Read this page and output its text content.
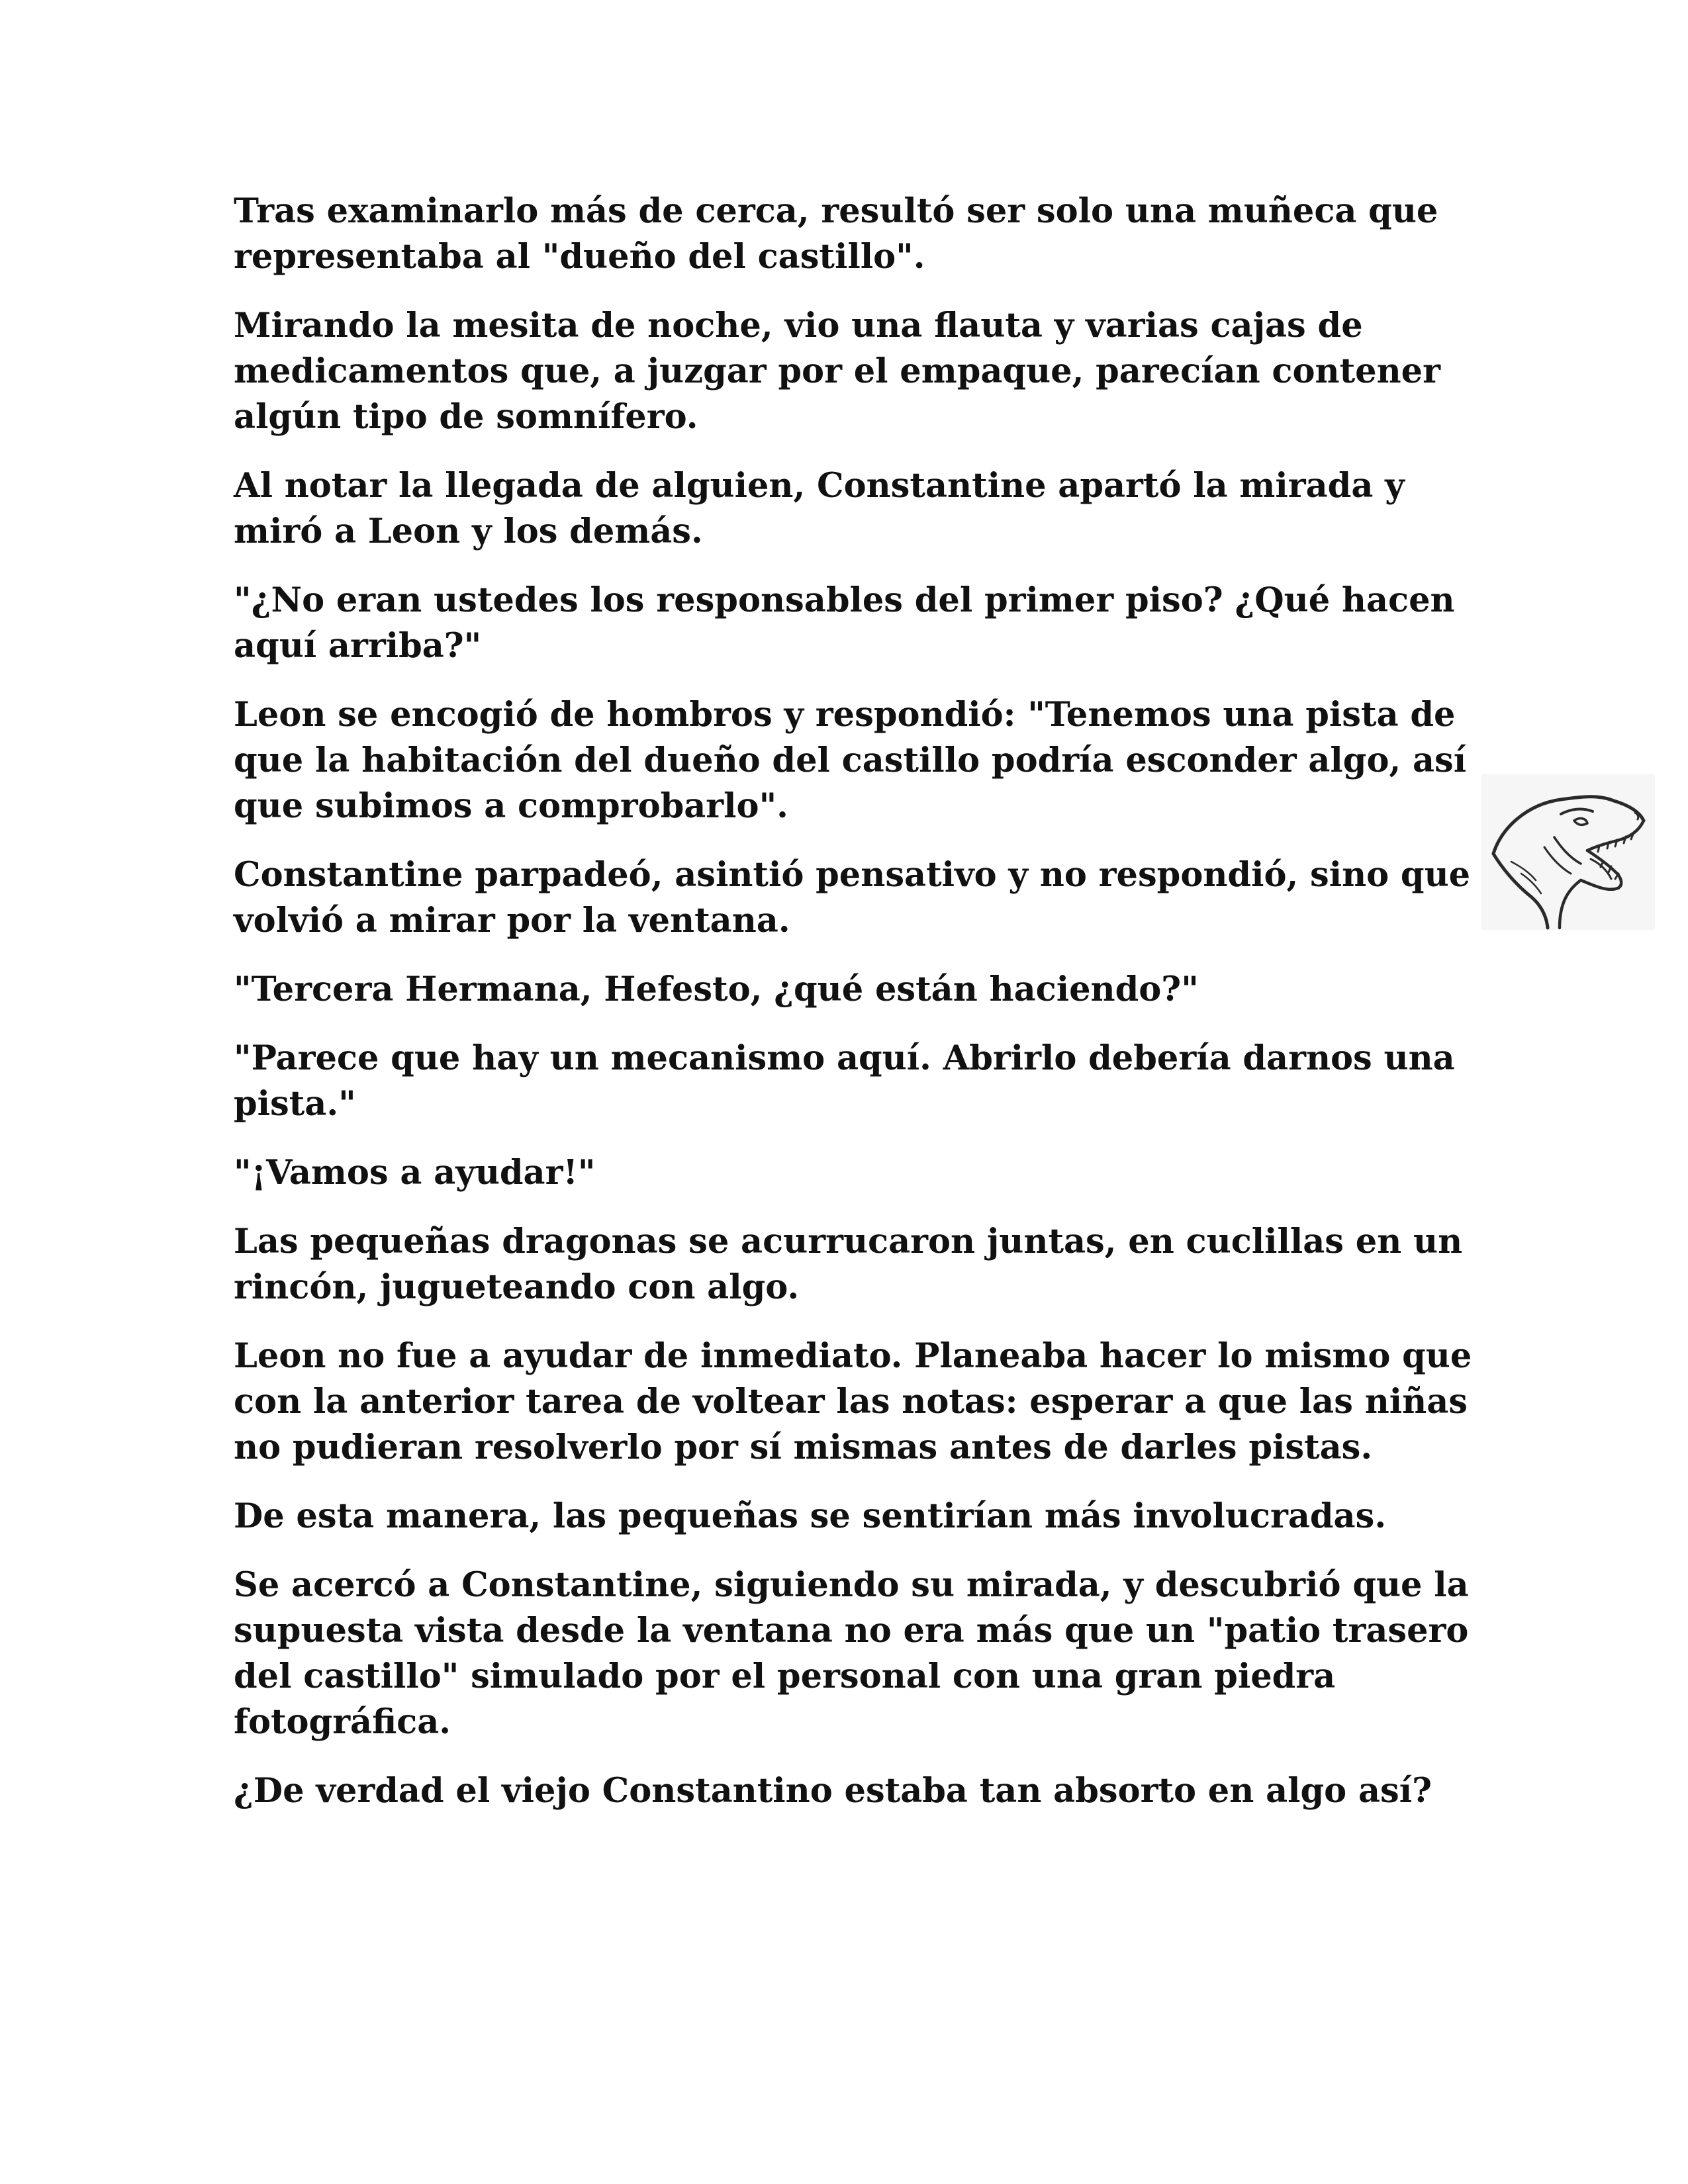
Tras examinarlo más de cerca, resultó ser solo una muñeca que representaba al "dueño del castillo".

Mirando la mesita de noche, vio una flauta y varias cajas de medicamentos que, a juzgar por el empaque, parecían contener algún tipo de somnífero.

Al notar la llegada de alguien, Constantine apartó la mirada y miró a Leon y los demás.

"¿No eran ustedes los responsables del primer piso? ¿Qué hacen aquí arriba?"

Leon se encogió de hombros y respondió: "Tenemos una pista de que la habitación del dueño del castillo podría esconder algo, así que subimos a comprobarlo".

Constantine parpadeó, asintió pensativo y no respondió, sino que volvió a mirar por la ventana.

"Tercera Hermana, Hefesto, ¿qué están haciendo?"

"Parece que hay un mecanismo aquí. Abrirlo debería darnos una pista."

"¡Vamos a ayudar!"

Las pequeñas dragonas se acurrucaron juntas, en cuclillas en un rincón, jugueteando con algo.

Leon no fue a ayudar de inmediato. Planeaba hacer lo mismo que con la anterior tarea de voltear las notas: esperar a que las niñas no pudieran resolverlo por sí mismas antes de darles pistas.

De esta manera, las pequeñas se sentirían más involucradas.

Se acercó a Constantine, siguiendo su mirada, y descubrió que la supuesta vista desde la ventana no era más que un "patio trasero del castillo" simulado por el personal con una gran piedra fotográfica.

¿De verdad el viejo Constantino estaba tan absorto en algo así?
